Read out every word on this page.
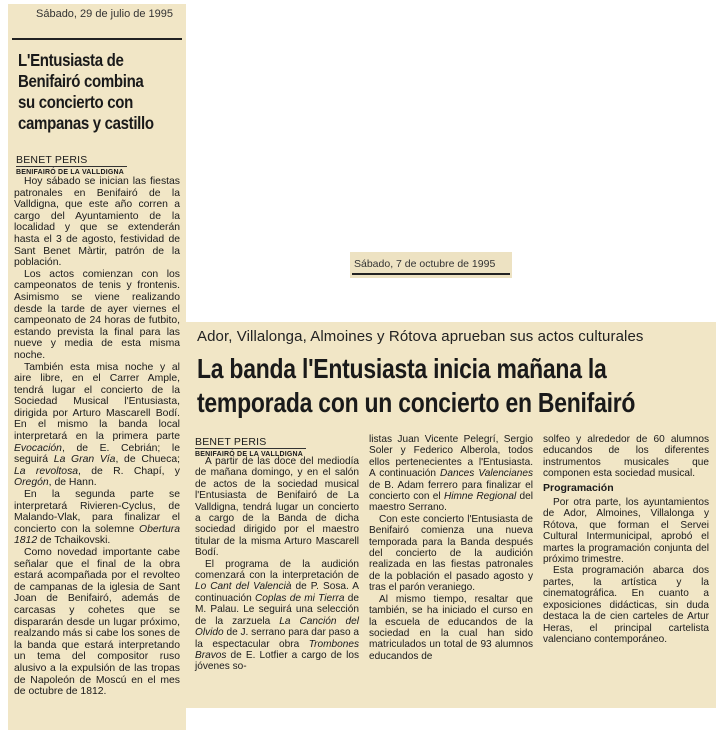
Sábado, 29 de julio de 1995
L'Entusiasta de
Benifairó combina
su concierto con
campanas y castillo
BENET PERIS
BENIFAIRÓ DE LA VALLDIGNA

Hoy sábado se inician las fiestas patronales en Benifairó de la Valldigna, que este año corren a cargo del Ayuntamiento de la localidad y que se extenderán hasta el 3 de agosto, festividad de Sant Benet Màrtir, patrón de la población.

Los actos comienzan con los campeonatos de tenis y frontenis. Asimismo se viene realizando desde la tarde de ayer viernes el campeonato de 24 horas de futbito, estando prevista la final para las nueve y media de esta misma noche.

También esta misa noche y al aire libre, en el Carrer Ample, tendrá lugar el concierto de la Sociedad Musical l'Entusiasta, dirigida por Arturo Mascarell Bodí. En el mismo la banda local interpretará en la primera parte Evocación, de E. Cebrián; le seguirá La Gran Vía, de Chueca; La revoltosa, de R. Chapí, y Oregón, de Hann.

En la segunda parte se interpretará Rivieren-Cyclus, de Malando-Vlak, para finalizar el concierto con la solemne Obertura 1812 de Tchaikovski.

Como novedad importante cabe señalar que el final de la obra estará acompañada por el revolteo de campanas de la iglesia de Sant Joan de Benifairó, además de carcasas y cohetes que se dispararán desde un lugar próximo, realzando más si cabe los sones de la banda que estará interpretando un tema del compositor ruso alusivo a la expulsión de las tropas de Napoleón de Moscú en el mes de octubre de 1812.

Sábado, 7 de octubre de 1995
Ador, Villalonga, Almoines y Rótova aprueban sus actos culturales
La banda l'Entusiasta inicia mañana la
temporada con un concierto en Benifairó
BENET PERIS
BENIFAIRÓ DE LA VALLDIGNA

A partir de las doce del mediodía de mañana domingo, y en el salón de actos de la sociedad musical l'Entusiasta de Benifairó de La Valldigna, tendrá lugar un concierto a cargo de la Banda de dicha sociedad dirigido por el maestro titular de la misma Arturo Mascarell Bodí.

El programa de la audición comenzará con la interpretación de Lo Cant del Valencià de P. Sosa. A continuación Coplas de mi Tierra de M. Palau. Le seguirá una selección de la zarzuela La Canción del Olvido de J. serrano para dar paso a la espectacular obra Trombones Bravos de E. Lotfier a cargo de los jóvenes so-

listas Juan Vicente Pelegrí, Sergio Soler y Federico Alberola, todos ellos pertenecientes a l'Entusiasta. A continuación Dances Valencianes de B. Adam ferrero para finalizar el concierto con el Himne Regional del maestro Serrano.

Con este concierto l'Entusiasta de Benifairó comienza una nueva temporada para la Banda después del concierto de la audición realizada en las fiestas patronales de la población el pasado agosto y tras el parón veraniego.

Al mismo tiempo, resaltar que también, se ha iniciado el curso en la escuela de educandos de la sociedad en la cual han sido matriculados un total de 93 alumnos educandos de

solfeo y alrededor de 60 alumnos educandos de los diferentes instrumentos musicales que componen esta sociedad musical.

Programación

Por otra parte, los ayuntamientos de Ador, Almoines, Villalonga y Rótova, que forman el Servei Cultural Intermunicipal, aprobó el martes la programación conjunta del próximo trimestre.

Esta programación abarca dos partes, la artística y la cinematográfica. En cuanto a exposiciones didácticas, sin duda destaca la de cien carteles de Artur Heras, el principal cartelista valenciano contemporáneo.
